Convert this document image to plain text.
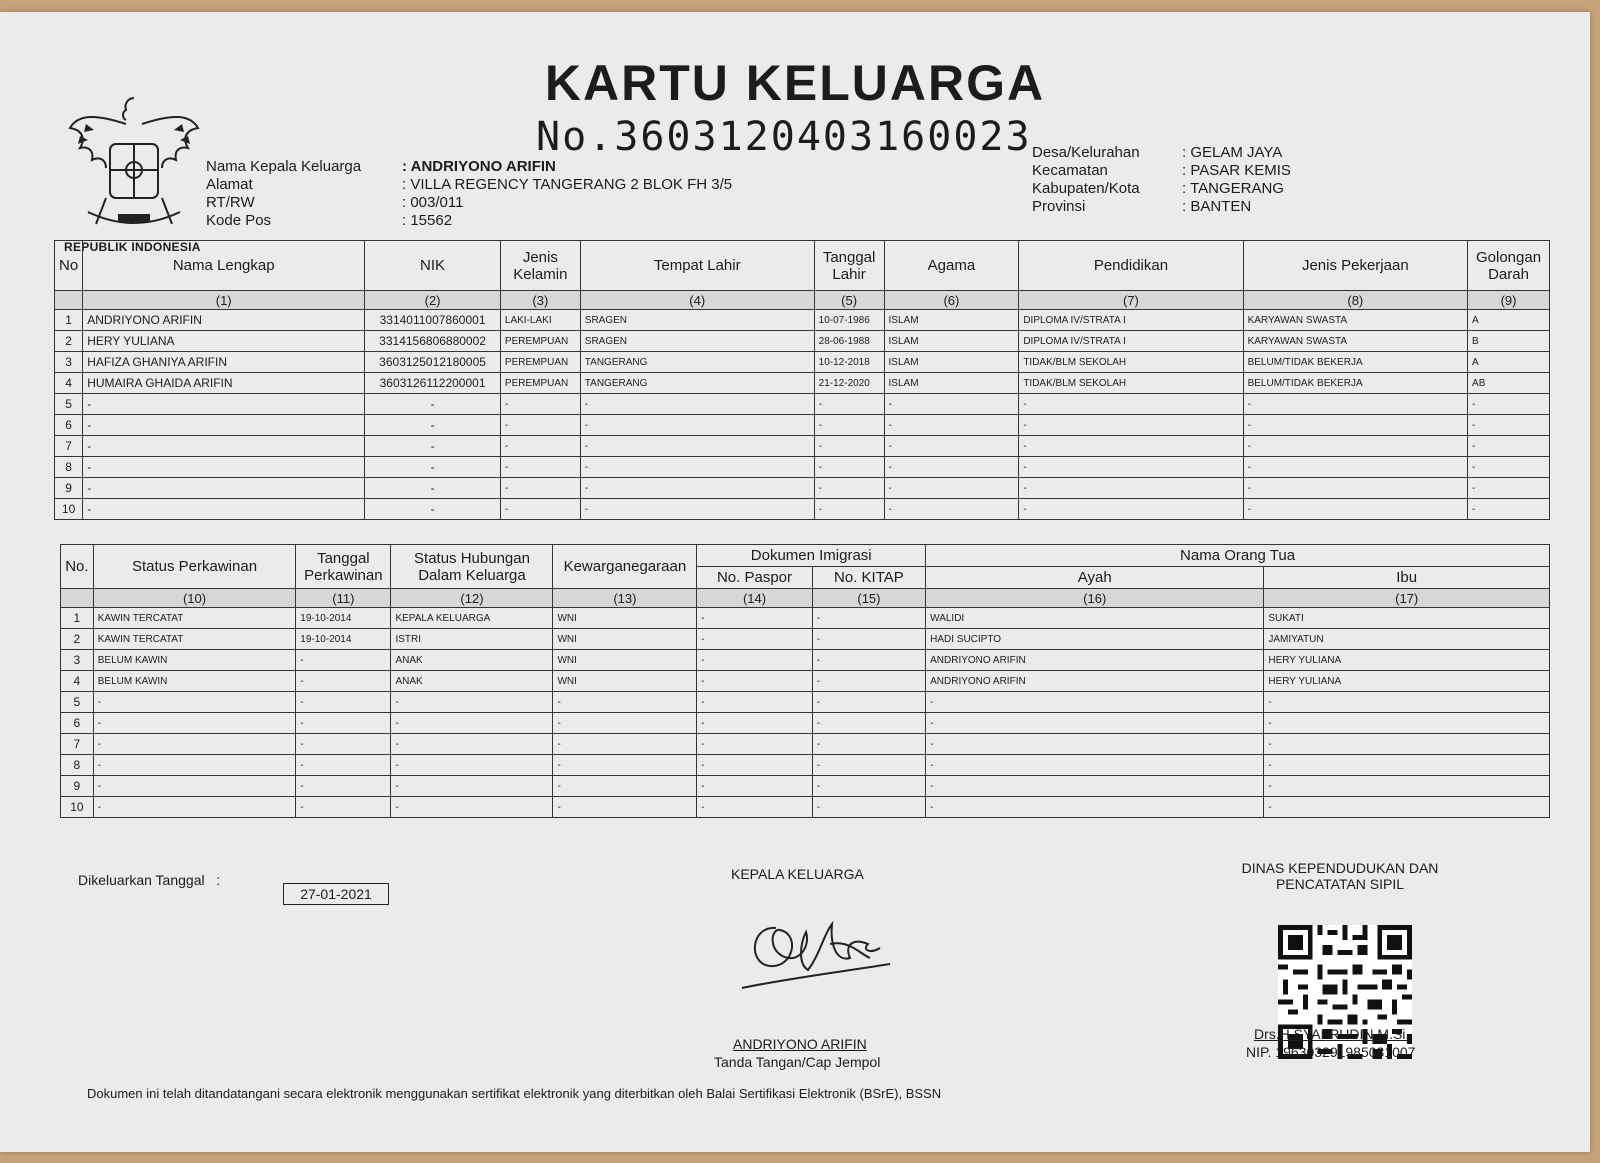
REPUBLIK INDONESIA
KARTU KELUARGA
No.3603120403160023
Nama Kepala Keluarga	: ANDRIYONO ARIFIN
Alamat	: VILLA REGENCY TANGERANG 2 BLOK FH 3/5
RT/RW	: 003/011
Kode Pos	: 15562
Desa/Kelurahan	: GELAM JAYA
Kecamatan	: PASAR KEMIS
Kabupaten/Kota	: TANGERANG
Provinsi	: BANTEN
No	Nama Lengkap	NIK	Jenis Kelamin	Tempat Lahir	Tanggal Lahir	Agama	Pendidikan	Jenis Pekerjaan	Golongan Darah
	(1)	(2)	(3)	(4)	(5)	(6)	(7)	(8)	(9)
1	ANDRIYONO ARIFIN	3314011007860001	LAKI-LAKI	SRAGEN	10-07-1986	ISLAM	DIPLOMA IV/STRATA I	KARYAWAN SWASTA	A
2	HERY YULIANA	3314156806880002	PEREMPUAN	SRAGEN	28-06-1988	ISLAM	DIPLOMA IV/STRATA I	KARYAWAN SWASTA	B
3	HAFIZA GHANIYA ARIFIN	3603125012180005	PEREMPUAN	TANGERANG	10-12-2018	ISLAM	TIDAK/BLM SEKOLAH	BELUM/TIDAK BEKERJA	A
4	HUMAIRA GHAIDA ARIFIN	3603126112200001	PEREMPUAN	TANGERANG	21-12-2020	ISLAM	TIDAK/BLM SEKOLAH	BELUM/TIDAK BEKERJA	AB
5	-	-	-	-	-	-	-	-	-
6	-	-	-	-	-	-	-	-	-
7	-	-	-	-	-	-	-	-	-
8	-	-	-	-	-	-	-	-	-
9	-	-	-	-	-	-	-	-	-
10	-	-	-	-	-	-	-	-	-
No.	Status Perkawinan	Tanggal Perkawinan	Status Hubungan Dalam Keluarga	Kewarganegaraan	Dokumen Imigrasi		Nama Orang Tua	
					No. Paspor	No. KITAP	Ayah	Ibu
	(10)	(11)	(12)	(13)	(14)	(15)	(16)	(17)
1	KAWIN TERCATAT	19-10-2014	KEPALA KELUARGA	WNI	-	-	WALIDI	SUKATI
2	KAWIN TERCATAT	19-10-2014	ISTRI	WNI	-	-	HADI SUCIPTO	JAMIYATUN
3	BELUM KAWIN	-	ANAK	WNI	-	-	ANDRIYONO ARIFIN	HERY YULIANA
4	BELUM KAWIN	-	ANAK	WNI	-	-	ANDRIYONO ARIFIN	HERY YULIANA
5	-	-	-	-	-	-	-	-
6	-	-	-	-	-	-	-	-
7	-	-	-	-	-	-	-	-
8	-	-	-	-	-	-	-	-
9	-	-	-	-	-	-	-	-
10	-	-	-	-	-	-	-	-
Dikeluarkan Tanggal :
27-01-2021
KEPALA KELUARGA
ANDRIYONO ARIFIN
Tanda Tangan/Cap Jempol
DINAS KEPENDUDUKAN DAN
PENCATATAN SIPIL
Drs.H.SYAFRUDIN.M.Si.
NIP. 196303291985031007
Dokumen ini telah ditandatangani secara elektronik menggunakan sertifikat elektronik yang diterbitkan oleh Balai Sertifikasi Elektronik (BSrE), BSSN
